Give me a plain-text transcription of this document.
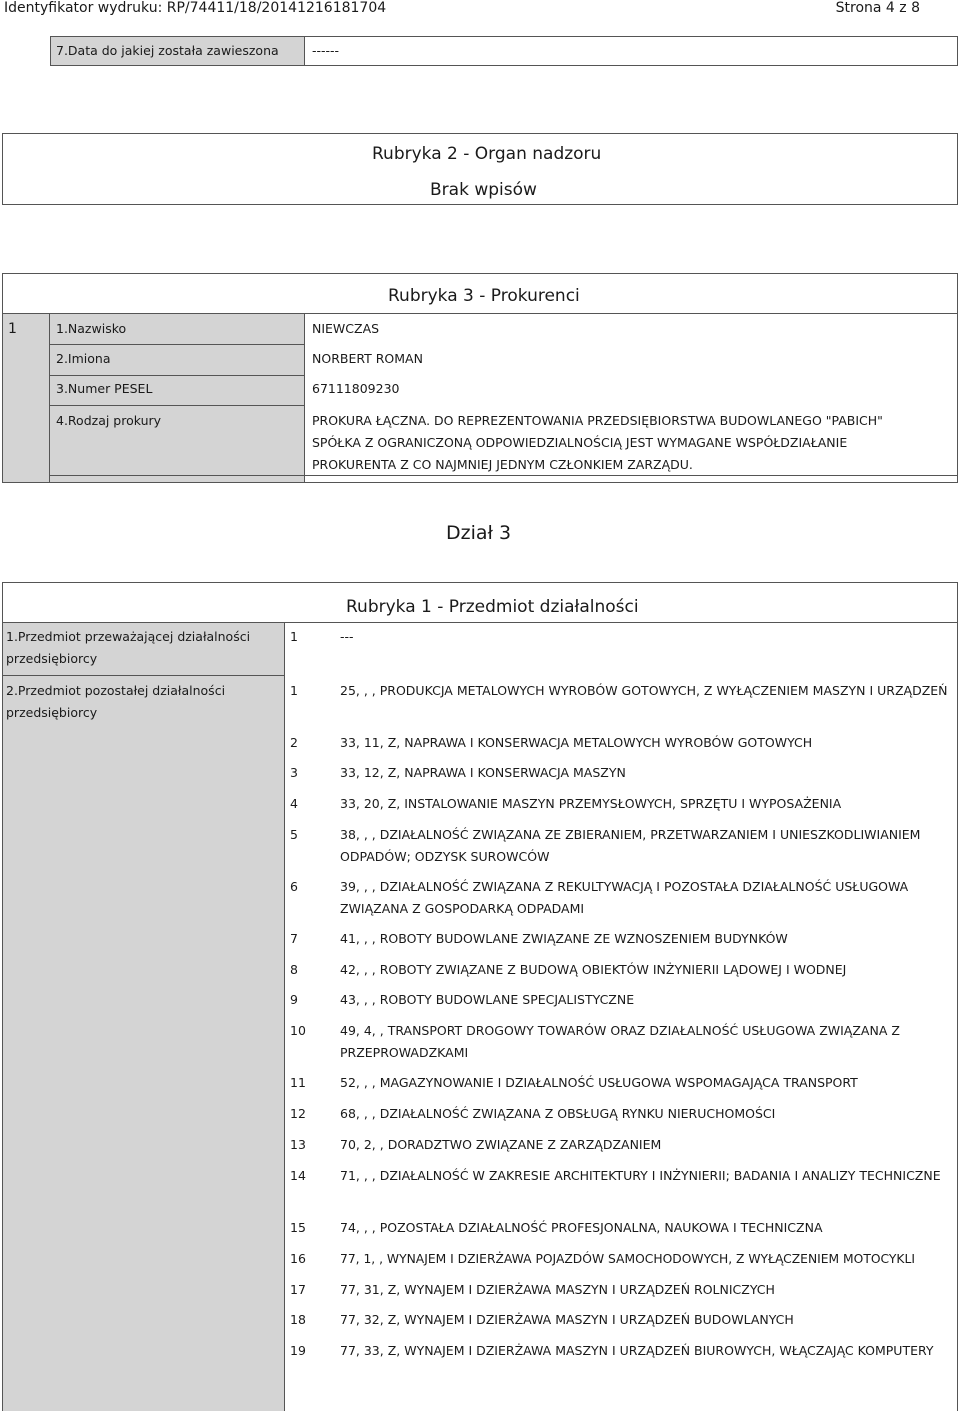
Identyfikator wydruku: RP/74411/18/20141216181704	Strona 4 z 8
7.Data do jakiej została zawieszona	------
Rubryka 2 - Organ nadzoru
Brak wpisów
Rubryka 3 - Prokurenci
1	1.Nazwisko	NIEWCZAS
2.Imiona	NORBERT ROMAN
3.Numer PESEL	67111809230
4.Rodzaj prokury	PROKURA ŁĄCZNA. DO REPREZENTOWANIA PRZEDSIĘBIORSTWA BUDOWLANEGO "PABICH" SPÓŁKA Z OGRANICZONĄ ODPOWIEDZIALNOŚCIĄ JEST WYMAGANE WSPÓŁDZIAŁANIE PROKURENTA Z CO NAJMNIEJ JEDNYM CZŁONKIEM ZARZĄDU.
Dział 3
Rubryka 1 - Przedmiot działalności
1.Przedmiot przeważającej działalności przedsiębiorcy
1	---
2.Przedmiot pozostałej działalności przedsiębiorcy
1	25, , , PRODUKCJA METALOWYCH WYROBÓW GOTOWYCH, Z WYŁĄCZENIEM MASZYN I URZĄDZEŃ
2	33, 11, Z, NAPRAWA I KONSERWACJA METALOWYCH WYROBÓW GOTOWYCH
3	33, 12, Z, NAPRAWA I KONSERWACJA MASZYN
4	33, 20, Z, INSTALOWANIE MASZYN PRZEMYSŁOWYCH, SPRZĘTU I WYPOSAŻENIA
5	38, , , DZIAŁALNOŚĆ ZWIĄZANA ZE ZBIERANIEM, PRZETWARZANIEM I UNIESZKODLIWIANIEM ODPADÓW; ODZYSK SUROWCÓW
6	39, , , DZIAŁALNOŚĆ ZWIĄZANA Z REKULTYWACJĄ I POZOSTAŁA DZIAŁALNOŚĆ USŁUGOWA ZWIĄZANA Z GOSPODARKĄ ODPADAMI
7	41, , , ROBOTY BUDOWLANE ZWIĄZANE ZE WZNOSZENIEM BUDYNKÓW
8	42, , , ROBOTY ZWIĄZANE Z BUDOWĄ OBIEKTÓW INŻYNIERII LĄDOWEJ I WODNEJ
9	43, , , ROBOTY BUDOWLANE SPECJALISTYCZNE
10	49, 4, , TRANSPORT DROGOWY TOWARÓW ORAZ DZIAŁALNOŚĆ USŁUGOWA ZWIĄZANA Z PRZEPROWADZKAMI
11	52, , , MAGAZYNOWANIE I DZIAŁALNOŚĆ USŁUGOWA WSPOMAGAJĄCA TRANSPORT
12	68, , , DZIAŁALNOŚĆ ZWIĄZANA Z OBSŁUGĄ RYNKU NIERUCHOMOŚCI
13	70, 2, , DORADZTWO ZWIĄZANE Z ZARZĄDZANIEM
14	71, , , DZIAŁALNOŚĆ W ZAKRESIE ARCHITEKTURY I INŻYNIERII; BADANIA I ANALIZY TECHNICZNE
15	74, , , POZOSTAŁA DZIAŁALNOŚĆ PROFESJONALNA, NAUKOWA I TECHNICZNA
16	77, 1, , WYNAJEM I DZIERŻAWA POJAZDÓW SAMOCHODOWYCH, Z WYŁĄCZENIEM MOTOCYKLI
17	77, 31, Z, WYNAJEM I DZIERŻAWA MASZYN I URZĄDZEŃ ROLNICZYCH
18	77, 32, Z, WYNAJEM I DZIERŻAWA MASZYN I URZĄDZEŃ BUDOWLANYCH
19	77, 33, Z, WYNAJEM I DZIERŻAWA MASZYN I URZĄDZEŃ BIUROWYCH, WŁĄCZAJĄC KOMPUTERY
